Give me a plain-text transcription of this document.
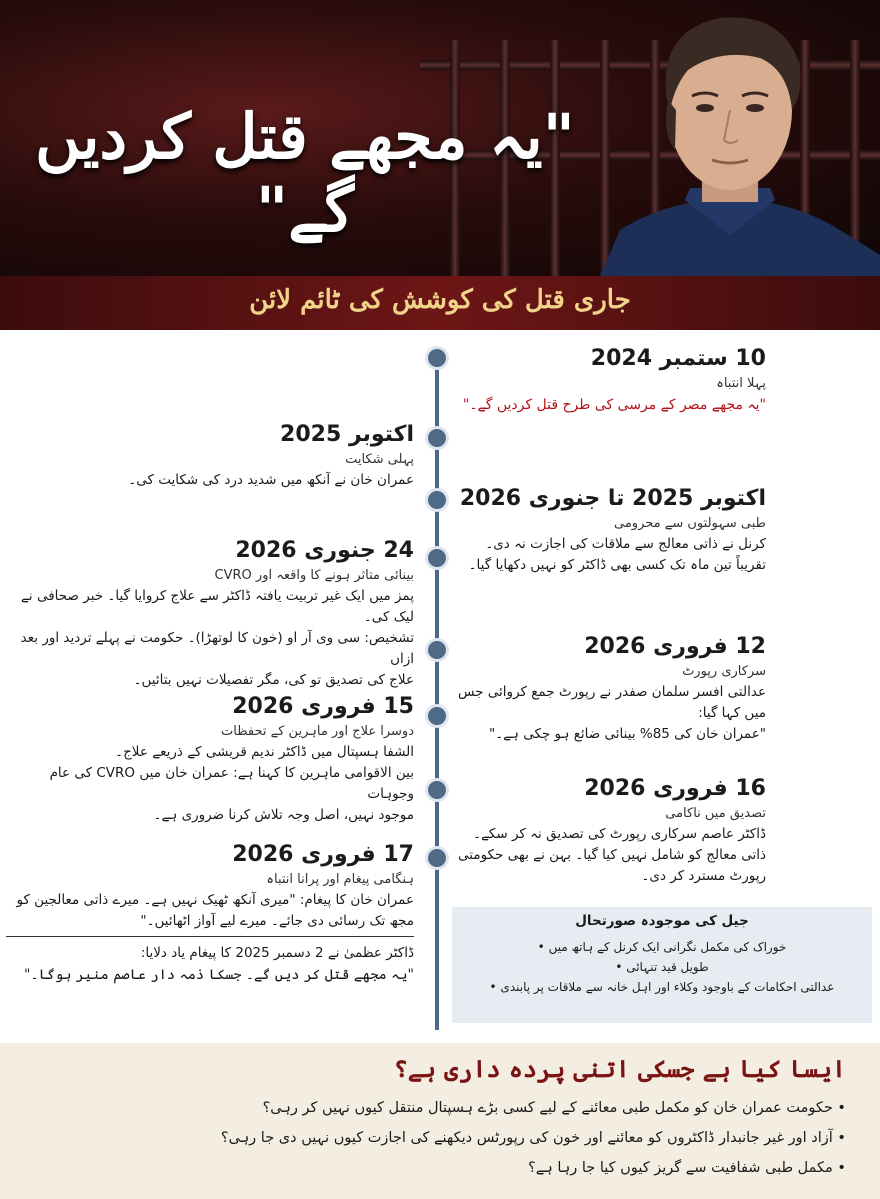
"یہ مجھے قتل کردیں گے"
جاری قتل کی کوشش کی ٹائم لائن
10 ستمبر 2024
پہلا انتباہ
"یہ مجھے مصر کے مرسی کی طرح قتل کردیں گے۔"
اکتوبر 2025
پہلی شکایت
عمران خان نے آنکھ میں شدید درد کی شکایت کی۔
اکتوبر 2025 تا جنوری 2026
طبی سہولتوں سے محرومی
کرنل نے ذاتی معالج سے ملاقات کی اجازت نہ دی۔
تقریباً تین ماہ تک کسی بھی ڈاکٹر کو نہیں دکھایا گیا۔
24 جنوری 2026
بینائی متاثر ہونے کا واقعہ اور CVRO
پمز میں ایک غیر تربیت یافتہ ڈاکٹر سے علاج کروایا گیا۔ خبر صحافی نے لیک کی۔
تشخیص: سی وی آر او (خون کا لوتھڑا)۔ حکومت نے پہلے تردید اور بعد ازاں
علاج کی تصدیق تو کی، مگر تفصیلات نہیں بتائیں۔
12 فروری 2026
سرکاری رپورٹ
عدالتی افسر سلمان صفدر نے رپورٹ جمع کروائی جس میں کہا گیا:
"عمران خان کی 85% بینائی ضائع ہو چکی ہے۔"
15 فروری 2026
دوسرا علاج اور ماہرین کے تحفظات
الشفا ہسپتال میں ڈاکٹر ندیم قریشی کے ذریعے علاج۔
بین الاقوامی ماہرین کا کہنا ہے: عمران خان میں CVRO کی عام وجوہات
موجود نہیں، اصل وجہ تلاش کرنا ضروری ہے۔
16 فروری 2026
تصدیق میں ناکامی
ڈاکٹر عاصم سرکاری رپورٹ کی تصدیق نہ کر سکے۔
ذاتی معالج کو شامل نہیں کیا گیا۔ بہن نے بھی حکومتی رپورٹ مسترد کر دی۔
17 فروری 2026
ہنگامی پیغام اور پرانا انتباہ
عمران خان کا پیغام: "میری آنکھ ٹھیک نہیں ہے۔ میرے ذاتی معالجین کو
مجھ تک رسائی دی جائے۔ میرے لیے آواز اٹھائیں۔"
ڈاکٹر عظمیٰ نے 2 دسمبر 2025 کا پیغام یاد دلایا:
"یہ مجھے قتل کر دیں گے۔ جسکا ذمہ دار عاصم منیر ہوگا۔"
جیل کی موجودہ صورتحال
خوراک کی مکمل نگرانی ایک کرنل کے ہاتھ میں •
طویل قید تنہائی •
عدالتی احکامات کے باوجود وکلاء اور اہل خانہ سے ملاقات پر پابندی •
ایسا کیا ہے جسکی اتنی پردہ داری ہے؟
• حکومت عمران خان کو مکمل طبی معائنے کے لیے کسی بڑے ہسپتال منتقل کیوں نہیں کر رہی؟
• آزاد اور غیر جانبدار ڈاکٹروں کو معائنے اور خون کی رپورٹس دیکھنے کی اجازت کیوں نہیں دی جا رہی؟
• مکمل طبی شفافیت سے گریز کیوں کیا جا رہا ہے؟
